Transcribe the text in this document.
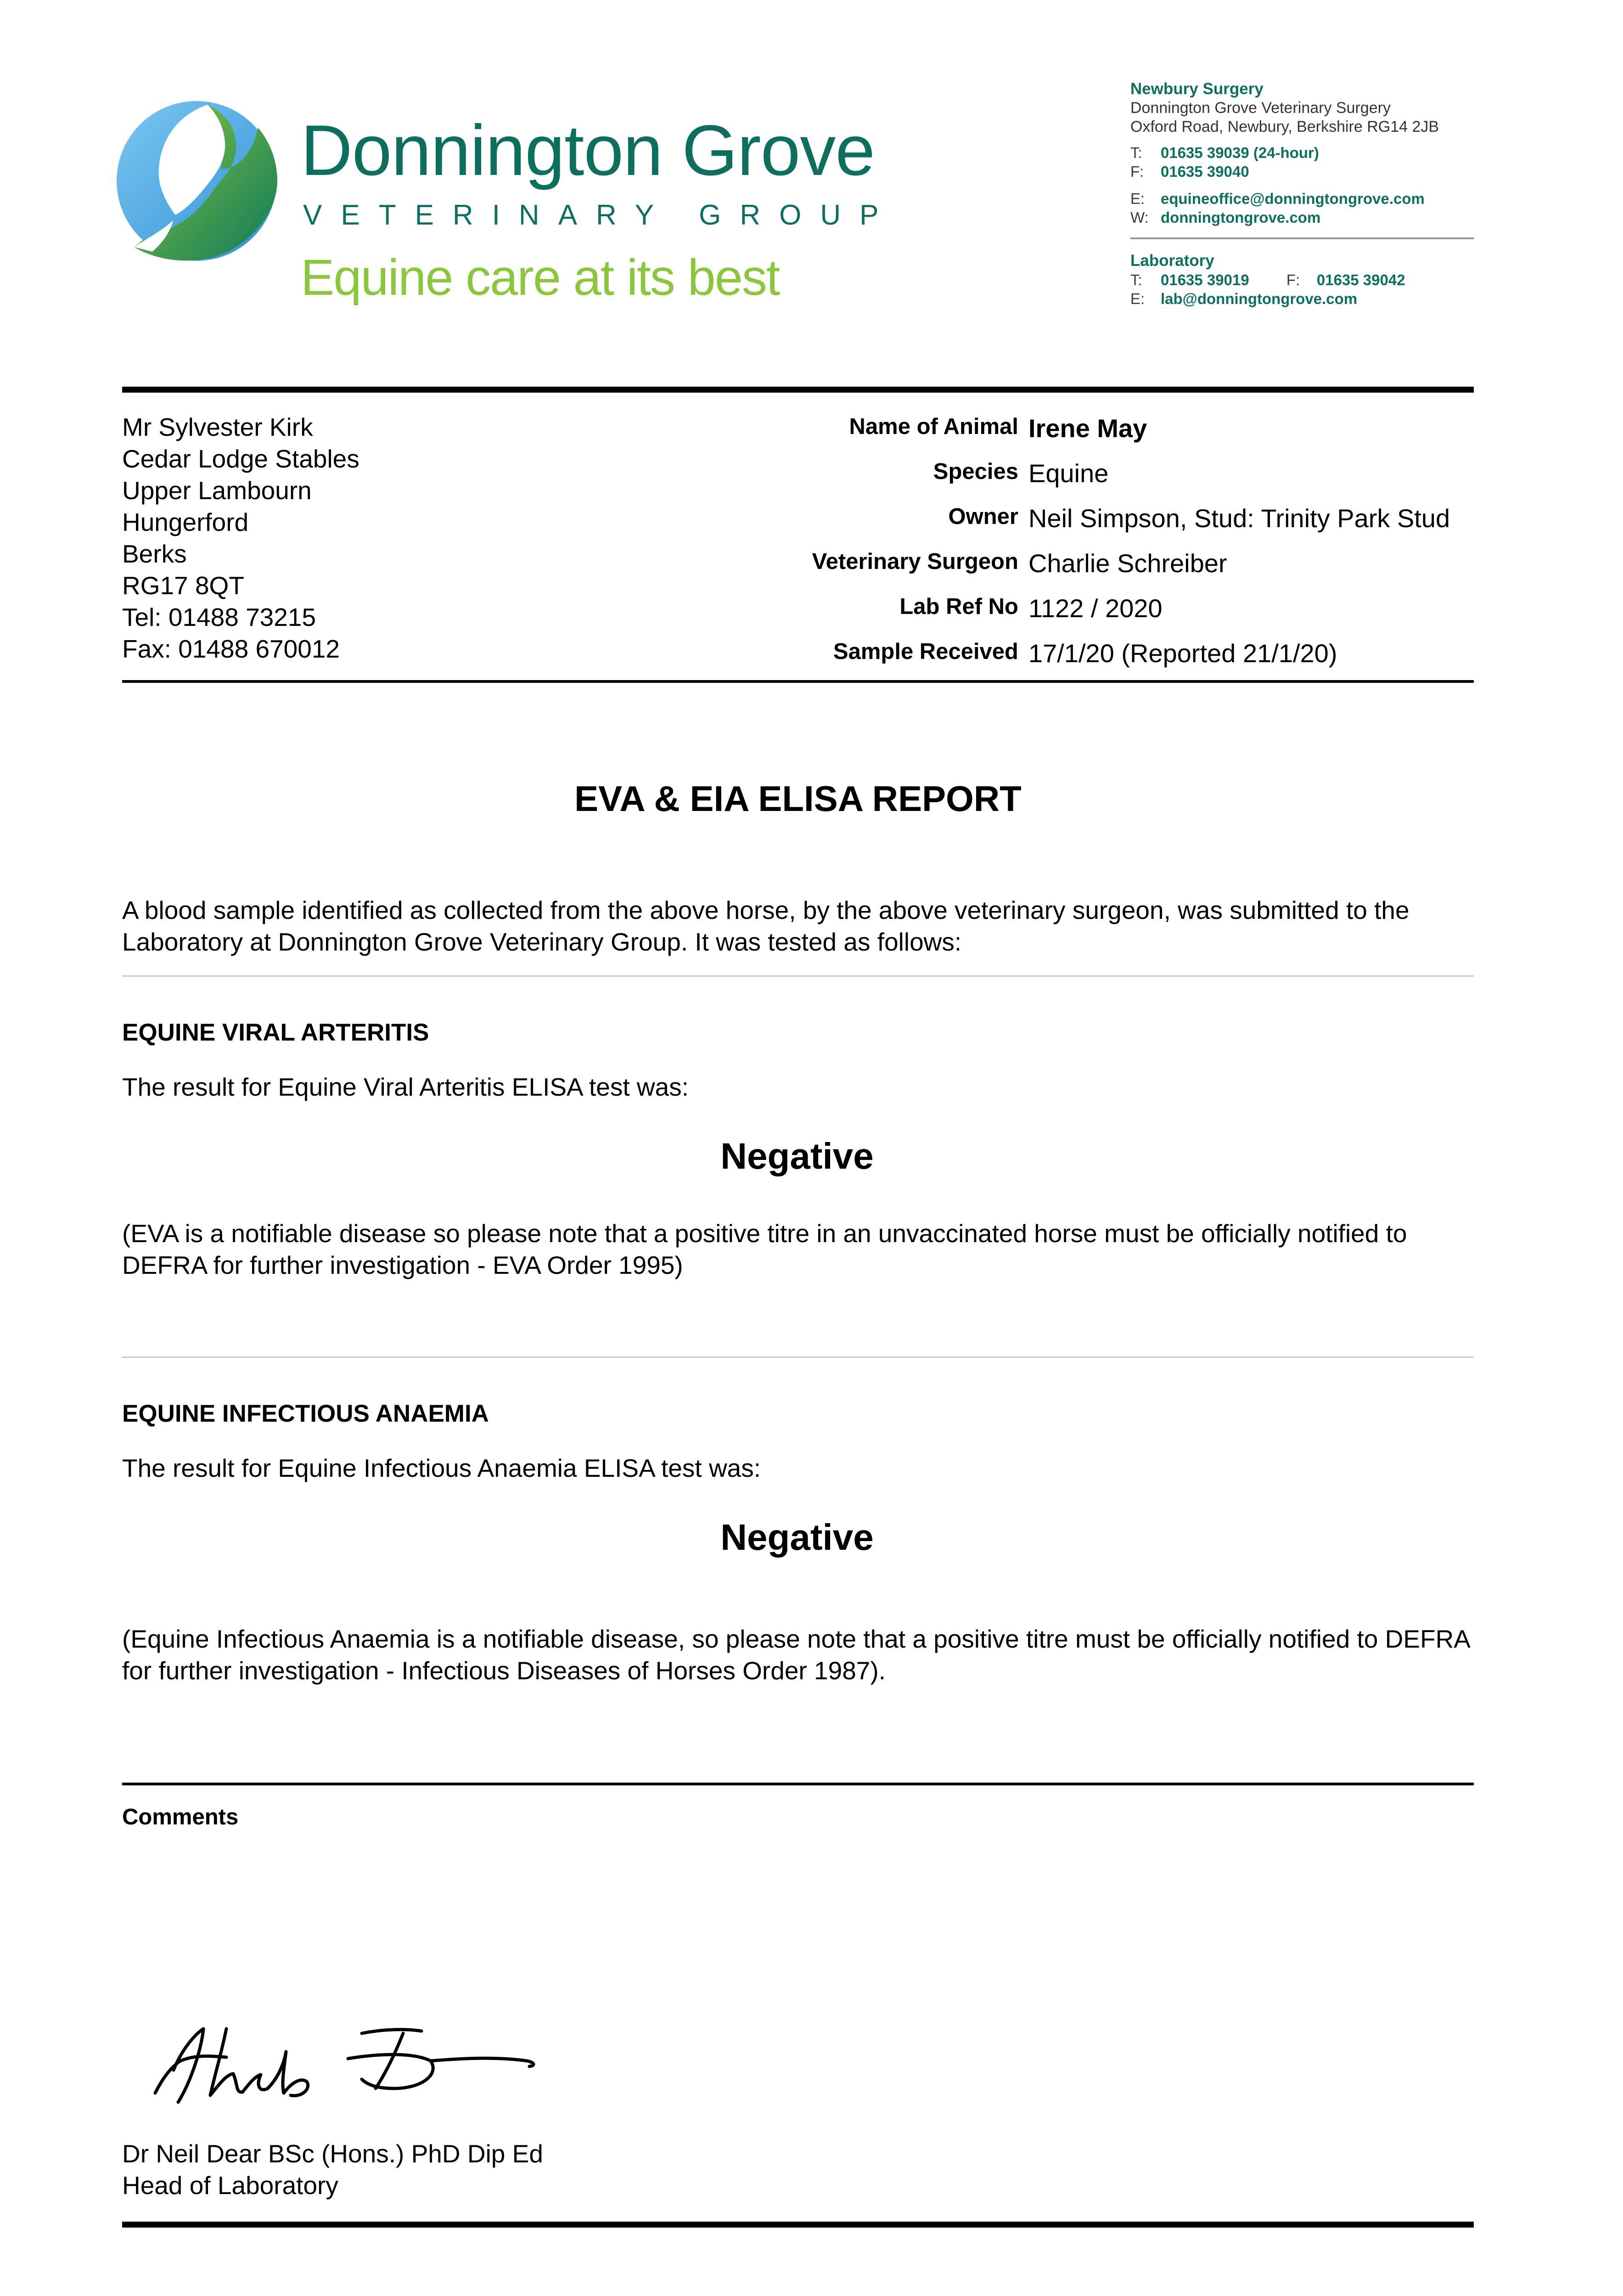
Donnington Grove
VETERINARY GROUP
Equine care at its best
Newbury Surgery
Donnington Grove Veterinary Surgery
Oxford Road, Newbury, Berkshire RG14 2JB
T: 01635 39039 (24-hour)
F: 01635 39040
E: equineoffice@donningtongrove.com
W: donningtongrove.com
Laboratory
T: 01635 39019 F: 01635 39042
E: lab@donningtongrove.com
Mr Sylvester Kirk
Cedar Lodge Stables
Upper Lambourn
Hungerford
Berks
RG17 8QT
Tel: 01488 73215
Fax: 01488 670012
Name of Animal Irene May
Species Equine
Owner Neil Simpson, Stud: Trinity Park Stud
Veterinary Surgeon Charlie Schreiber
Lab Ref No 1122 / 2020
Sample Received 17/1/20 (Reported 21/1/20)
EVA & EIA ELISA REPORT
A blood sample identified as collected from the above horse, by the above veterinary surgeon, was submitted to the Laboratory at Donnington Grove Veterinary Group. It was tested as follows:
EQUINE VIRAL ARTERITIS
The result for Equine Viral Arteritis ELISA test was:
Negative
(EVA is a notifiable disease so please note that a positive titre in an unvaccinated horse must be officially notified to DEFRA for further investigation - EVA Order 1995)
EQUINE INFECTIOUS ANAEMIA
The result for Equine Infectious Anaemia ELISA test was:
Negative
(Equine Infectious Anaemia is a notifiable disease, so please note that a positive titre must be officially notified to DEFRA for further investigation - Infectious Diseases of Horses Order 1987).
Comments
Dr Neil Dear BSc (Hons.) PhD Dip Ed
Head of Laboratory
